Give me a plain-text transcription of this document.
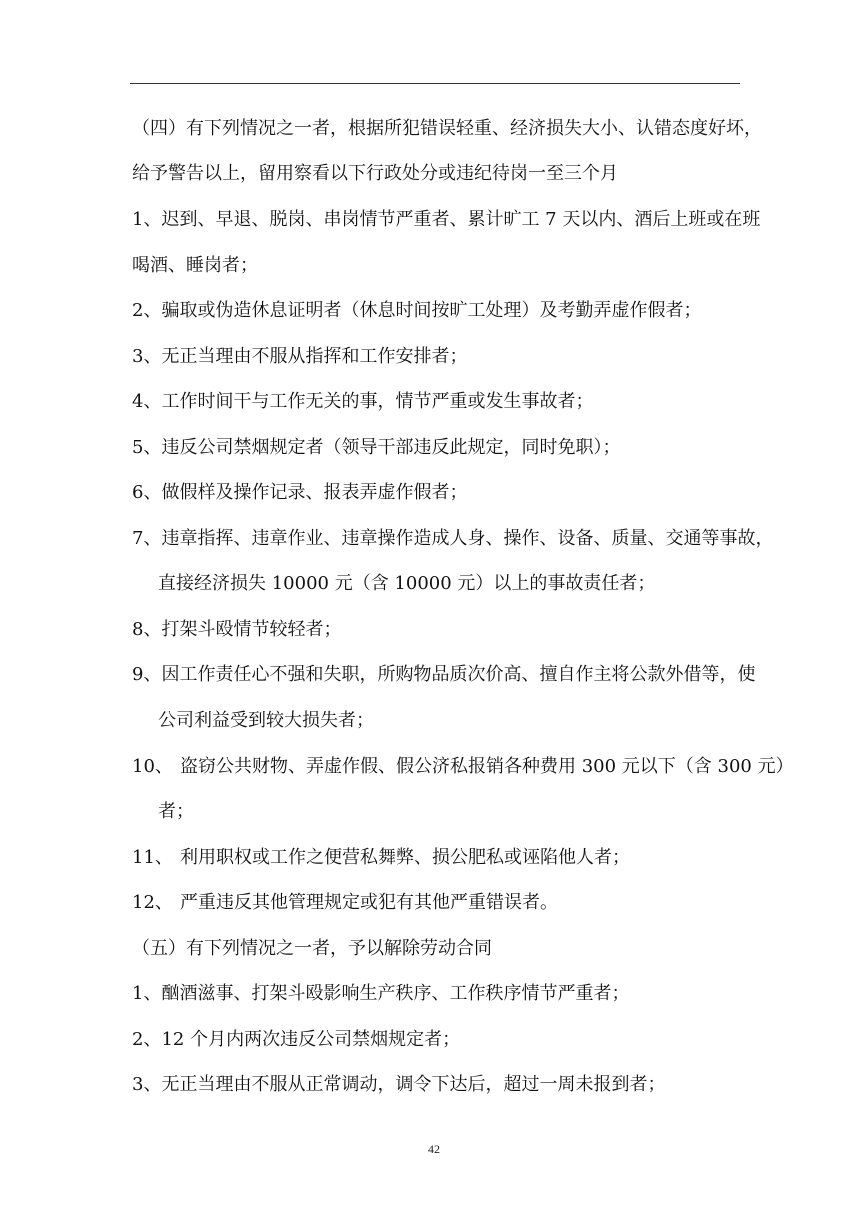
（四）有下列情况之一者，根据所犯错误轻重、经济损失大小、认错态度好坏，
给予警告以上，留用察看以下行政处分或违纪待岗一至三个月
1、迟到、早退、脱岗、串岗情节严重者、累计旷工 7 天以内、酒后上班或在班
喝酒、睡岗者；
2、骗取或伪造休息证明者（休息时间按旷工处理）及考勤弄虚作假者；
3、无正当理由不服从指挥和工作安排者；
4、工作时间干与工作无关的事，情节严重或发生事故者；
5、违反公司禁烟规定者（领导干部违反此规定，同时免职）；
6、做假样及操作记录、报表弄虚作假者；
7、违章指挥、违章作业、违章操作造成人身、操作、设备、质量、交通等事故，
直接经济损失 10000 元（含 10000 元）以上的事故责任者；
8、打架斗殴情节较轻者；
9、因工作责任心不强和失职，所购物品质次价高、擅自作主将公款外借等，使
公司利益受到较大损失者；
10、 盗窃公共财物、弄虚作假、假公济私报销各种费用 300 元以下（含 300 元）
者；
11、 利用职权或工作之便营私舞弊、损公肥私或诬陷他人者；
12、 严重违反其他管理规定或犯有其他严重错误者。
（五）有下列情况之一者，予以解除劳动合同
1、酗酒滋事、打架斗殴影响生产秩序、工作秩序情节严重者；
2、12 个月内两次违反公司禁烟规定者；
3、无正当理由不服从正常调动，调令下达后，超过一周未报到者；
42
